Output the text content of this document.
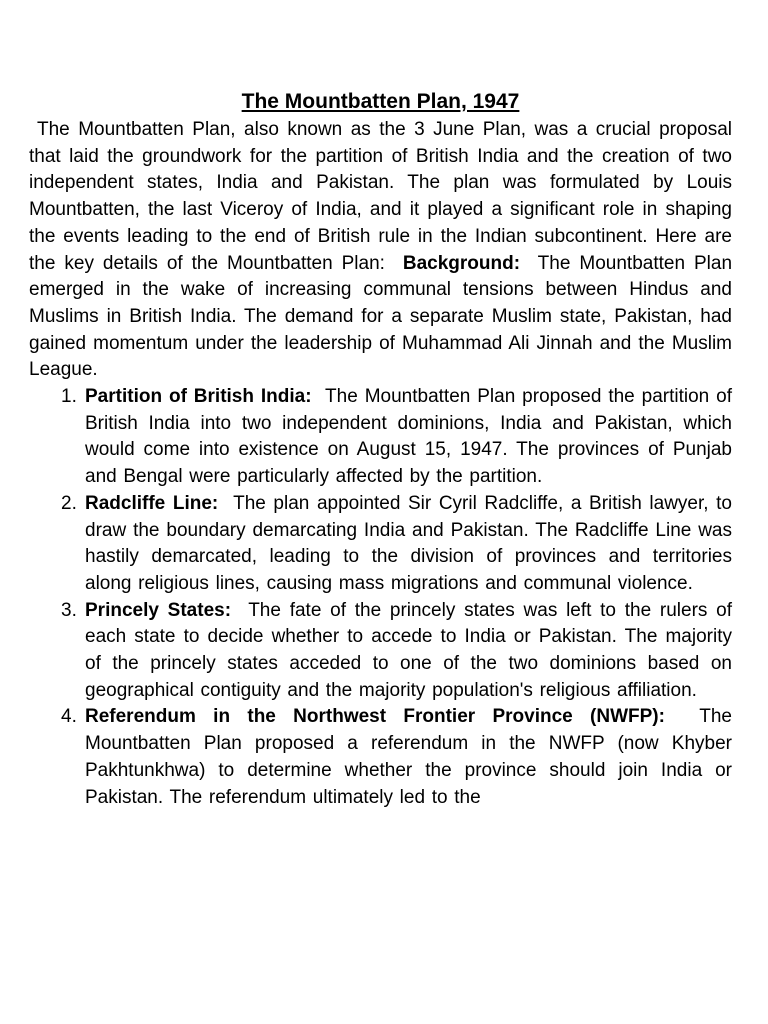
The Mountbatten Plan, 1947

The Mountbatten Plan, also known as the 3 June Plan, was a crucial proposal that laid the groundwork for the partition of British India and the creation of two independent states, India and Pakistan. The plan was formulated by Louis Mountbatten, the last Viceroy of India, and it played a significant role in shaping the events leading to the end of British rule in the Indian subcontinent. Here are the key details of the Mountbatten Plan: Background: The Mountbatten Plan emerged in the wake of increasing communal tensions between Hindus and Muslims in British India. The demand for a separate Muslim state, Pakistan, had gained momentum under the leadership of Muhammad Ali Jinnah and the Muslim League.

1. Partition of British India: The Mountbatten Plan proposed the partition of British India into two independent dominions, India and Pakistan, which would come into existence on August 15, 1947. The provinces of Punjab and Bengal were particularly affected by the partition.
2. Radcliffe Line: The plan appointed Sir Cyril Radcliffe, a British lawyer, to draw the boundary demarcating India and Pakistan. The Radcliffe Line was hastily demarcated, leading to the division of provinces and territories along religious lines, causing mass migrations and communal violence.
3. Princely States: The fate of the princely states was left to the rulers of each state to decide whether to accede to India or Pakistan. The majority of the princely states acceded to one of the two dominions based on geographical contiguity and the majority population's religious affiliation.
4. Referendum in the Northwest Frontier Province (NWFP): The Mountbatten Plan proposed a referendum in the NWFP (now Khyber Pakhtunkhwa) to determine whether the province should join India or Pakistan. The referendum ultimately led to the
